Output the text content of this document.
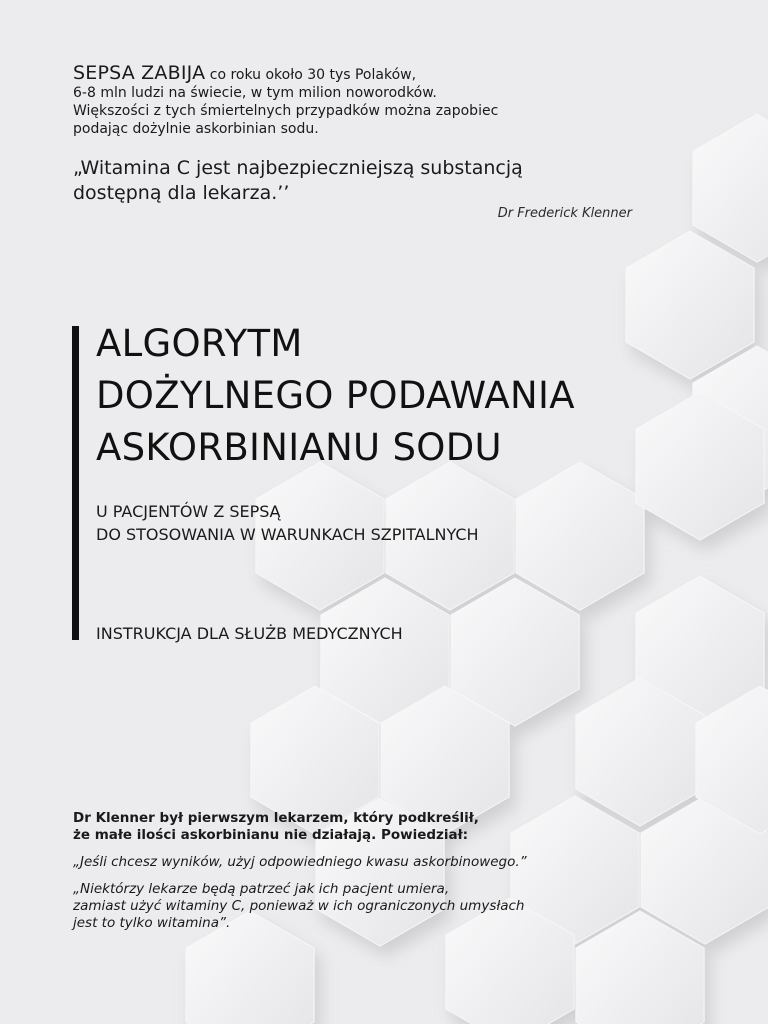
SEPSA ZABIJA co roku około 30 tys Polaków,
6-8 mln ludzi na świecie, w tym milion noworodków.
Większości z tych śmiertelnych przypadków można zapobiec
podając dożylnie askorbinian sodu.
„Witamina C jest najbezpieczniejszą substancją
dostępną dla lekarza.’’
Dr Frederick Klenner
ALGORYTM
DOŻYLNEGO PODAWANIA
ASKORBINIANU SODU
U PACJENTÓW Z SEPSĄ
DO STOSOWANIA W WARUNKACH SZPITALNYCH
INSTRUKCJA DLA SŁUŻB MEDYCZNYCH
Dr Klenner był pierwszym lekarzem, który podkreślił,
że małe ilości askorbinianu nie działają. Powiedział:
„Jeśli chcesz wyników, użyj odpowiedniego kwasu askorbinowego.”
„Niektórzy lekarze będą patrzeć jak ich pacjent umiera,
zamiast użyć witaminy C, ponieważ w ich ograniczonych umysłach
jest to tylko witamina”.
